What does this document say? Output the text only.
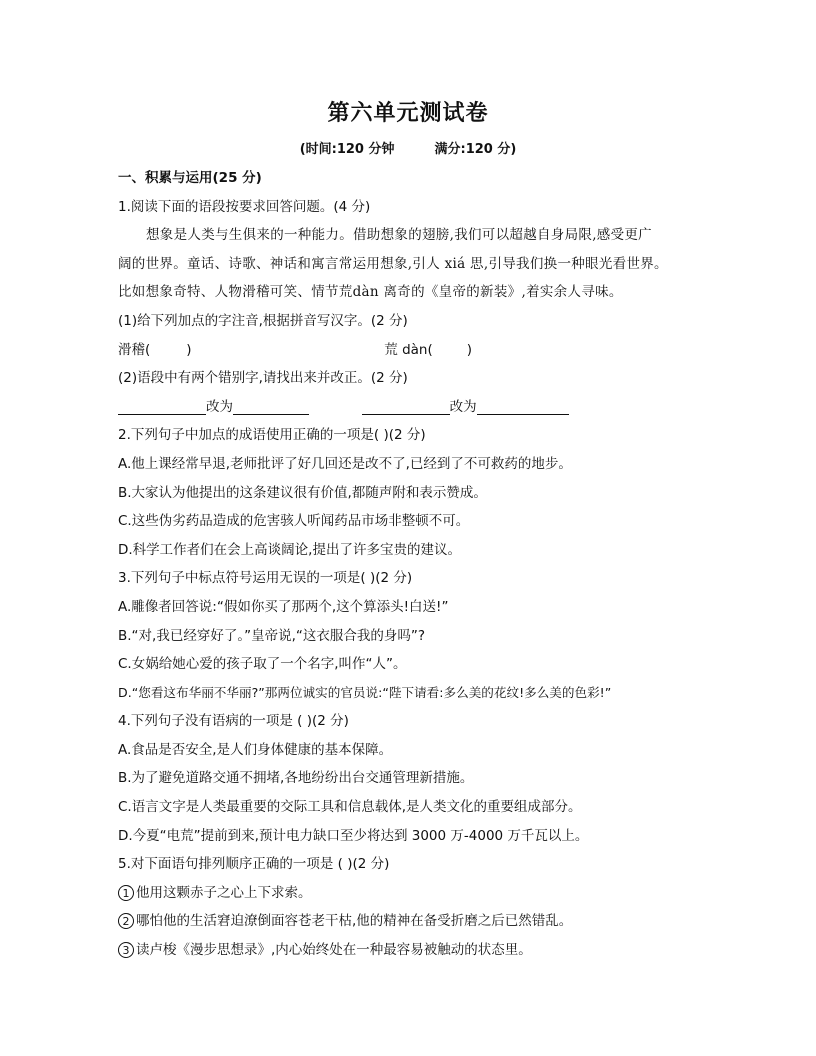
第六单元测试卷
(时间:120 分钟	满分:120 分)
一、积累与运用(25 分)
1.阅读下面的语段按要求回答问题。(4 分)
想象是人类与生俱来的一种能力。借助想象的翅膀,我们可以超越自身局限,感受更广
阔的世界。童话、诗歌、神话和寓言常运用想象,引人 xiá 思,引导我们换一种眼光看世界。
比如想象奇特、人物滑稽可笑、情节荒dàn 离奇的《皇帝的新装》,着实余人寻味。
(1)给下列加点的字注音,根据拼音写汉字。(2 分)
滑稽(	)	荒 dàn(	)
(2)语段中有两个错别字,请找出来并改正。(2 分)
改为	改为
2.下列句子中加点的成语使用正确的一项是( )(2 分)
A.他上课经常早退,老师批评了好几回还是改不了,已经到了不可救药的地步。
B.大家认为他提出的这条建议很有价值,都随声附和表示赞成。
C.这些伪劣药品造成的危害骇人听闻药品市场非整顿不可。
D.科学工作者们在会上高谈阔论,提出了许多宝贵的建议。
3.下列句子中标点符号运用无误的一项是( )(2 分)
A.雕像者回答说:“假如你买了那两个,这个算添头!白送!”
B.“对,我已经穿好了。”皇帝说,“这衣服合我的身吗”?
C.女娲给她心爱的孩子取了一个名字,叫作“人”。
D.“您看这布华丽不华丽?”那两位诚实的官员说:“陛下请看:多么美的花纹!多么美的色彩!”
4.下列句子没有语病的一项是 ( )(2 分)
A.食品是否安全,是人们身体健康的基本保障。
B.为了避免道路交通不拥堵,各地纷纷出台交通管理新措施。
C.语言文字是人类最重要的交际工具和信息载体,是人类文化的重要组成部分。
D.今夏“电荒”提前到来,预计电力缺口至少将达到 3000 万-4000 万千瓦以上。
5.对下面语句排列顺序正确的一项是 ( )(2 分)
1 他用这颗赤子之心上下求索。
2 哪怕他的生活窘迫潦倒面容苍老干枯,他的精神在备受折磨之后已然错乱。
3 读卢梭《漫步思想录》,内心始终处在一种最容易被触动的状态里。
